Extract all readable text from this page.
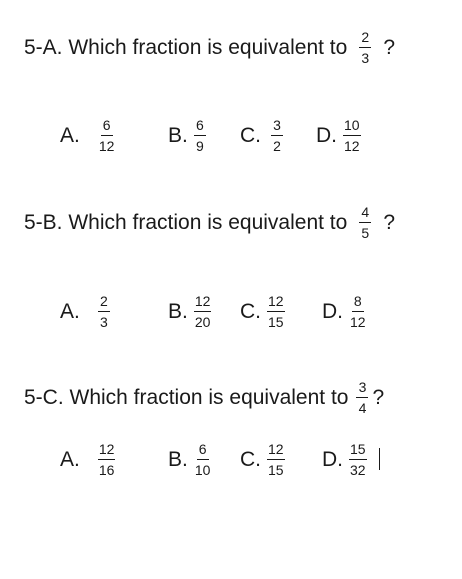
5-A. Which fraction is equivalent to $\frac{2}{3}$ ?
A. $\frac{6}{12}$	B. $\frac{6}{9} C$. $\frac{3}{2} D$. $\frac{10}{12}$
5-B. Which fraction is equivalent to $\frac{4}{5}$ ?
A. $\frac{2}{3}$	B. $\frac{12}{20} C$. $\frac{12}{15} D$. $\frac{8}{12}$
5-C. Which fraction is equivalent to $\frac{3}{4}$ ?
A. $\frac{12}{16}$	B. $\frac{6}{10} C$. $\frac{12}{15} D$. $\frac{15}{32}$
